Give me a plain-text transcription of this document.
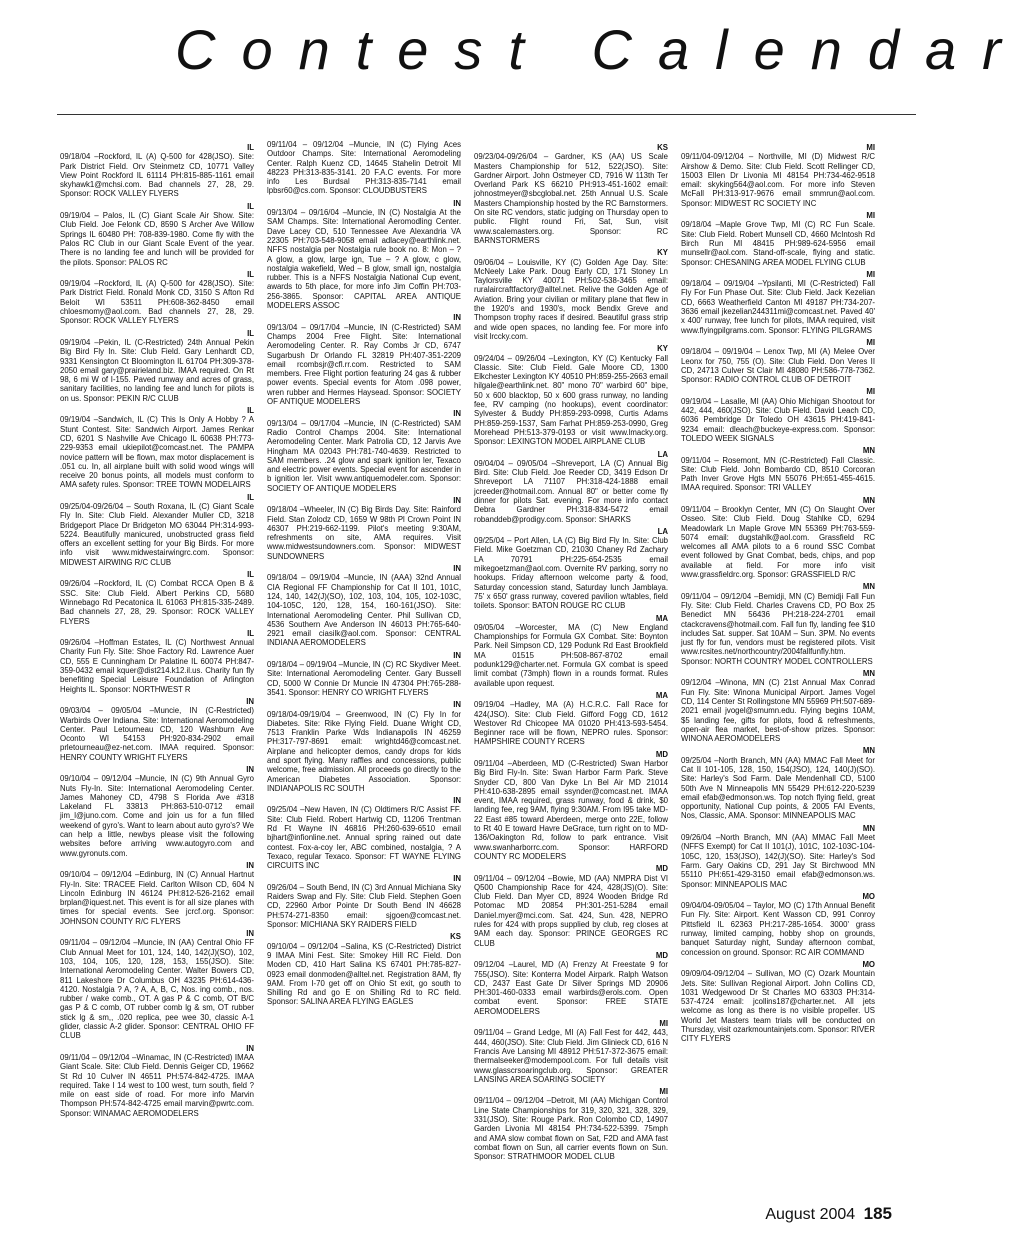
Contest Calendar
IL

09/18/04 –Rockford, IL (A) Q-500 for 428(JSO). Site: Park District Field. Orv Steinmetz CD, 10771 Valley View Point Rockford IL 61114 PH:815-885-1161 email skyhawk1@mchsi.com. Bad channels 27, 28, 29. Sponsor: ROCK VALLEY FLYERS

IL

09/19/04 – Palos, IL (C) Giant Scale Air Show. Site: Club Field. Joe Felonk CD, 8590 S Archer Ave Willow Springs IL 60480 PH: 708-839-1980. Come fly with the Palos RC Club in our Giant Scale Event of the year. There is no landing fee and lunch will be provided for the pilots. Sponsor: PALOS RC

IL

09/19/04 –Rockford, IL (A) Q-500 for 428(JSO). Site: Park District Field. Ronald Monk CD, 3150 S Afton Rd Beloit WI 53511 PH:608-362-8450 email chloesmomy@aol.com. Bad channels 27, 28, 29. Sponsor: ROCK VALLEY FLYERS

IL

09/19/04 –Pekin, IL (C-Restricted) 24th Annual Pekin Big Bird Fly In. Site: Club Field. Gary Lenhardt CD, 9331 Kensington Ct Bloomington IL 61704 PH:309-378-2050 email gary@prairieland.biz. IMAA required. On Rt 98, 6 mi W of I-155. Paved runway and acres of grass, sanitary facilities, no landing fee and lunch for pilots is on us. Sponsor: PEKIN R/C CLUB

IL

09/19/04 –Sandwich, IL (C) This Is Only A Hobby ? A Stunt Contest. Site: Sandwich Airport. James Renkar CD, 6201 S Nashville Ave Chicago IL 60638 PH:773-229-9353 email ukiepilot@comcast.net. The PAMPA novice pattern will be flown, max motor displacement is .051 cu. In, all airplane built with solid wood wings will receive 20 bonus points, all models must conform to AMA safety rules. Sponsor: TREE TOWN MODELAIRS

IL

09/25/04-09/26/04 – South Roxana, IL (C) Giant Scale Fly In. Site: Club Field. Alexander Muller CD, 3218 Bridgeport Place Dr Bridgeton MO 63044 PH:314-993-5224. Beautifully manicured, unobstructed grass field offers an excellent setting for your Big Birds. For more info visit www.midwestairwingrc.com. Sponsor: MIDWEST AIRWING R/C CLUB

IL

09/26/04 –Rockford, IL (C) Combat RCCA Open B & SSC. Site: Club Field. Albert Perkins CD, 5680 Winnebago Rd Pecatonica IL 61063 PH:815-335-2489. Bad channels 27, 28, 29. Sponsor: ROCK VALLEY FLYERS

IL

09/26/04 –Hoffman Estates, IL (C) Northwest Annual Charity Fun Fly. Site: Shoe Factory Rd. Lawrence Auer CD, 555 E Cunningham Dr Palatine IL 60074 PH:847-359-0432 email kquer@dist214.k12.il.us. Charity fun fly benefiting Special Leisure Foundation of Arlington Heights IL. Sponsor: NORTHWEST R

IN

09/03/04 – 09/05/04 –Muncie, IN (C-Restricted) Warbirds Over Indiana. Site: International Aeromodeling Center. Paul Letourneau CD, 120 Washburn Ave Oconto WI 54153 PH:920-834-2902 email prletourneau@ez-net.com. IMAA required. Sponsor: HENRY COUNTY WRIGHT FLYERS

IN

09/10/04 – 09/12/04 –Muncie, IN (C) 9th Annual Gyro Nuts Fly-In. Site: International Aeromodeling Center. James Mahoney CD, 4798 S Florida Ave #318 Lakeland FL 33813 PH:863-510-0712 email jim_l@juno.com. Come and join us for a fun filled weekend of gyro's. Want to learn about auto gyro's? We can help a little, newbys please visit the following websites before arriving www.autogyro.com and www.gyronuts.com.

IN

09/10/04 – 09/12/04 –Edinburg, IN (C) Annual Hartnut Fly-In. Site: TRACEE Field. Carlton Wilson CD, 604 N Lincoln Edinburg IN 46124 PH:812-526-2162 email brplan@iquest.net. This event is for all size planes with times for special events. See jcrcf.org. Sponsor: JOHNSON COUNTY R/C FLYERS

IN

09/11/04 – 09/12/04 –Muncie, IN (AA) Central Ohio FF Club Annual Meet for 101, 124, 140, 142(J)(SO), 102, 103, 104, 105, 120, 128, 153, 155(JSO). Site: International Aeromodeling Center. Walter Bowers CD, 811 Lakeshore Dr Columbus OH 43235 PH:614-436-4120. Nostalgia ? A, ? A, A, B, C, Nos. ing comb., nos. rubber / wake comb., OT. A gas P & C comb, OT B/C gas P & C comb, OT rubber comb lg & sm, OT rubber stick lg & sm,, .020 replica, pee wee 30, classic A-1 glider, classic A-2 glider. Sponsor: CENTRAL OHIO FF CLUB

IN

09/11/04 – 09/12/04 –Winamac, IN (C-Restricted) IMAA Giant Scale. Site: Club Field. Dennis Geiger CD, 19662 St Rd 10 Culver IN 46511 PH:574-842-4725. IMAA required. Take I 14 west to 100 west, turn south, field ? mile on east side of road. For more info Marvin Thompson PH:574-842-4725 email marvin@pwrtc.com. Sponsor: WINAMAC AEROMODELERS

09/11/04 – 09/12/04 –Muncie, IN (C) Flying Aces Outdoor Champs. Site: International Aeromodeling Center. Ralph Kuenz CD, 14645 Stahelin Detroit MI 48223 PH:313-835-3141. 20 F.A.C events. For more info Les Burdsal PH:313-835-7141 email lpbsr60@cs.com. Sponsor: CLOUDBUSTERS

IN

09/13/04 – 09/16/04 –Muncie, IN (C) Nostalgia At the SAM Champs. Site: International Aeromodling Center. Dave Lacey CD, 510 Tennessee Ave Alexandria VA 22305 PH:703-548-9058 email adlacey@earthlink.net. NFFS nostalgia per Nostalgia rule book no. 8: Mon – ? A glow, a glow, large ign, Tue – ? A glow, c glow, nostalgia wakefield, Wed – B glow, small ign, nostalgia rubber. This is a NFFS Nostalgia National Cup event, awards to 5th place, for more info Jim Coffin PH:703-256-3865. Sponsor: CAPITAL AREA ANTIQUE MODELERS ASSOC

IN

09/13/04 – 09/17/04 –Muncie, IN (C-Restricted) SAM Champs 2004 Free Flight. Site: International Aeromodeling Center. R. Ray Combs Jr CD, 6747 Sugarbush Dr Orlando FL 32819 PH:407-351-2209 email rcombsjr@cfl.rr.com. Restricted to SAM members. Free Flight portion featuring 24 gas & rubber power events. Special events for Atom .098 power, wren rubber and Hermes Haysead. Sponsor: SOCIETY OF ANTIQUE MODELERS

IN

09/13/04 – 09/17/04 –Muncie, IN (C-Restricted) SAM Radio Control Champs 2004. Site: International Aeromodeling Center. Mark Patrolia CD, 12 Jarvis Ave Hingham MA 02043 PH:781-740-4639. Restricted to SAM members. .24 glow and spark ignition ler, Texaco and electric power events. Special event for ascender in b ignition ler. Visit www.antiquemodeler.com. Sponsor: SOCIETY OF ANTIQUE MODELERS

IN

09/18/04 –Wheeler, IN (C) Big Birds Day. Site: Rainford Field. Stan Zolodz CD, 1659 W 98th Pl Crown Point IN 46307 PH:219-662-1199. Pilot's meeting 9:30AM, refreshments on site, AMA requires. Visit www.midwestsundowners.com. Sponsor: MIDWEST SUNDOWNERS

IN

09/18/04 – 09/19/04 –Muncie, IN (AAA) 32nd Annual CIA Regional FF Championship for Cat II 101, 101C, 124, 140, 142(J)(SO), 102, 103, 104, 105, 102-103C, 104-105C, 120, 128, 154, 160-161(JSO). Site: International Aeromodeling Center. Phil Sullivan CD, 4536 Southern Ave Anderson IN 46013 PH:765-640-2921 email ciasilk@aol.com. Sponsor: CENTRAL INDIANA AEROMODELERS

IN

09/18/04 – 09/19/04 –Muncie, IN (C) RC Skydiver Meet. Site: International Aeromodeling Center. Gary Bussell CD, 5000 W Connie Dr Muncie IN 47304 PH:765-288-3541. Sponsor: HENRY CO WRIGHT FLYERS

IN

09/18/04-09/19/04 – Greenwood, IN (C) Fly In for Diabetes. Site: Rike Flying Field. Duane Wright CD, 7513 Franklin Parke Wds Indianapolis IN 46259 PH:317-797-8691 email: wrightd46@comcast.net. Airplane and helicopter demos, candy drops for kids and sport flying. Many raffles and concessions, public welcome, free admission. All proceeds go directly to the American Diabetes Association. Sponsor: INDIANAPOLIS RC SOUTH

IN

09/25/04 –New Haven, IN (C) Oldtimers R/C Assist FF. Site: Club Field. Robert Hartwig CD, 11206 Trentman Rd Ft Wayne IN 46816 PH:260-639-6510 email bjhart@infionline.net. Annual spring rained out date contest. Fox-a-coy ler, ABC combined, nostalgia, ? A Texaco, regular Texaco. Sponsor: FT WAYNE FLYING CIRCUITS INC

IN

09/26/04 – South Bend, IN (C) 3rd Annual Michiana Sky Raiders Swap and Fly. Site: Club Field. Stephen Goen CD, 22960 Arbor Pointe Dr South Bend IN 46628 PH:574-271-8350 email: sjgoen@comcast.net. Sponsor: MICHIANA SKY RAIDERS FIELD

KS

09/10/04 – 09/12/04 –Salina, KS (C-Restricted) District 9 IMAA Mini Fest. Site: Smokey Hill RC Field. Don Moden CD, 410 Hart Salina KS 67401 PH:785-827-0923 email donmoden@alltel.net. Registration 8AM, fly 9AM. From I-70 get off on Ohio St exit, go south to Shilling Rd and go E on Shilling Rd to RC field. Sponsor: SALINA AREA FLYING EAGLES

KS

09/23/04-09/26/04 – Gardner, KS (AA) US Scale Masters Championship for 512, 522(JSO). Site: Gardner Airport. John Ostmeyer CD, 7916 W 113th Ter Overland Park KS 66210 PH:913-451-1602 email: johnostmeyer@sbcglobal.net. 25th Annual U.S. Scale Masters Championship hosted by the RC Barnstormers. On site RC vendors, static judging on Thursday open to public. Flight round Fri, Sat, Sun, visit www.scalemasters.org. Sponsor: RC BARNSTORMERS

KY

09/06/04 – Louisville, KY (C) Golden Age Day. Site: McNeely Lake Park. Doug Early CD, 171 Stoney Ln Taylorsville KY 40071 PH:502-538-3465 email: ruralaircraftfactory@alltel.net. Relive the Golden Age of Aviation. Bring your civilian or military plane that flew in the 1920's and 1930's, mock Bendix Greve and Thompson trophy races if desired. Beautiful grass strip and wide open spaces, no landing fee. For more info visit lrccky.com.

KY

09/24/04 – 09/26/04 –Lexington, KY (C) Kentucky Fall Classic. Site: Club Field. Gale Moore CD, 1300 Elkchester Lexington KY 40510 PH:859-255-2663 email hilgale@earthlink.net. 80" mono 70" warbird 60" bipe, 50 x 600 blacktop, 50 x 600 grass runway, no landing fee, RV camping (no hookups), event coordinator: Sylvester & Buddy PH:859-293-0998, Curtis Adams PH:859-259-1537, Sam Farhat PH:859-253-0990, Greg Morehead PH:513-379-0193 or visit www.lmacky.org. Sponsor: LEXINGTON MODEL AIRPLANE CLUB

LA

09/04/04 – 09/05/04 –Shreveport, LA (C) Annual Big Bird. Site: Club Field. Joe Reeder CD, 3419 Edson Dr Shreveport LA 71107 PH:318-424-1888 email jcreeder@hotmail.com. Annual 80" or better come fly dinner for pilots Sat. evening. For more info contact Debra Gardner PH:318-834-5472 email robanddeb@prodigy.com. Sponsor: SHARKS

LA

09/25/04 – Port Allen, LA (C) Big Bird Fly In. Site: Club Field. Mike Goetzman CD, 21030 Chaney Rd Zachary LA 70791 PH:225-654-2535 email mikegoetzman@aol.com. Overnite RV parking, sorry no hookups. Friday afternoon welcome party & food, Saturday concession stand, Saturday lunch Jamblaya. 75' x 650' grass runway, covered pavilion w/tables, field toilets. Sponsor: BATON ROUGE RC CLUB

MA

09/05/04 –Worcester, MA (C) New England Championships for Formula GX Combat. Site: Boynton Park. Neil Simpson CD, 129 Podunk Rd East Brookfield MA 01515 PH:508-867-8702 email podunk129@charter.net. Formula GX combat is speed limit combat (73mph) flown in a rounds format. Rules available upon request.

MA

09/19/04 –Hadley, MA (A) H.C.R.C. Fall Race for 424(JSO). Site: Club Field. Gifford Fogg CD, 1612 Westover Rd Chicopee MA 01020 PH:413-593-5454. Beginner race will be flown, NEPRO rules. Sponsor: HAMPSHIRE COUNTY RCERS

MD

09/11/04 –Aberdeen, MD (C-Restricted) Swan Harbor Big Bird Fly-In. Site: Swan Harbor Farm Park. Steve Snyder CD, 800 Van Dyke Ln Bel Air MD 21014 PH:410-638-2895 email ssynder@comcast.net. IMAA event, IMAA required, grass runway, food & drink, $0 landing fee, reg 9AM, flying 9:30AM. From I95 take MD-22 East #85 toward Aberdeen, merge onto 22E, follow to Rt 40 E toward Havre DeGrace, turn right on to MD-136/Oakington Rd, follow to park entrance. Visit www.swanharborrc.com. Sponsor: HARFORD COUNTY RC MODELERS

MD

09/11/04 – 09/12/04 –Bowie, MD (AA) NMPRA Dist VI Q500 Championship Race for 424, 428(JS)(O). Site: Club Field. Dan Myer CD, 8924 Wooden Bridge Rd Potomac MD 20854 PH:301-251-5284 email Daniel.myer@mci.com. Sat. 424, Sun. 428, NEPRO rules for 424 with props supplied by club, reg closes at 9AM each day. Sponsor: PRINCE GEORGES RC CLUB

MD

09/12/04 –Laurel, MD (A) Frenzy At Freestate 9 for 755(JSO). Site: Konterra Model Airpark. Ralph Watson CD, 2437 East Gate Dr Silver Springs MD 20906 PH:301-460-0333 email warbirds@erols.com. Open combat event. Sponsor: FREE STATE AEROMODELERS

MI

09/11/04 – Grand Ledge, MI (A) Fall Fest for 442, 443, 444, 460(JSO). Site: Club Field. Jim Glinieck CD, 616 N Francis Ave Lansing MI 48912 PH:517-372-3675 email: thermalseeker@modempool.com. For full details visit www.glasscrsoaringclub.org. Sponsor: GREATER LANSING AREA SOARING SOCIETY

MI

09/11/04 – 09/12/04 –Detroit, MI (AA) Michigan Control Line State Championships for 319, 320, 321, 328, 329, 331(JSO). Site: Rouge Park. Ron Colombo CD, 14907 Garden Livonia MI 48154 PH:734-522-5399. 75mph and AMA slow combat flown on Sat, F2D and AMA fast combat flown on Sun, all carrier events flown on Sun. Sponsor: STRATHMOOR MODEL CLUB

MI

09/11/04-09/12/04 – Northville, MI (D) Midwest R/C Airshow & Demo. Site: Club Field. Scott Rellinger CD, 15003 Ellen Dr Livonia MI 48154 PH:734-462-9518 email: skyking564@aol.com. For more info Steven McFall PH:313-917-9676 email smmrun@aol.com. Sponsor: MIDWEST RC SOCIETY INC

MI

09/18/04 –Maple Grove Twp, MI (C) RC Fun Scale. Site: Club Field. Robert Munsell CD, 4660 McIntosh Rd Birch Run MI 48415 PH:989-624-5956 email munsellr@aol.com. Stand-off-scale, flying and static. Sponsor: CHESANING AREA MODEL FLYING CLUB

MI

09/18/04 – 09/19/04 –Ypsilanti, MI (C-Restricted) Fall Fly For Fun Phase Out. Site: Club Field. Jack Kezelian CD, 6663 Weatherfield Canton MI 49187 PH:734-207-3636 email jkezelian244311mi@comcast.net. Paved 40' x 400' runway, free lunch for pilots, IMAA required, visit www.flyingpilgrams.com. Sponsor: FLYING PILGRAMS

MI

09/18/04 – 09/19/04 – Lenox Twp, MI (A) Melee Over Leonx for 750, 755 (O). Site: Club Field. Don Veres II CD, 24713 Culver St Clair MI 48080 PH:586-778-7362. Sponsor: RADIO CONTROL CLUB OF DETROIT

MI

09/19/04 – Lasalle, MI (AA) Ohio Michigan Shootout for 442, 444, 460(JSO). Site: Club Field. David Leach CD, 6036 Pembridge Dr Toledo OH 43615 PH:419-841-9234 email: dleach@buckeye-express.com. Sponsor: TOLEDO WEEK SIGNALS

MN

09/11/04 – Rosemont, MN (C-Restricted) Fall Classic. Site: Club Field. John Bombardo CD, 8510 Corcoran Path Inver Grove Hgts MN 55076 PH:651-455-4615. IMAA required. Sponsor: TRI VALLEY

MN

09/11/04 – Brooklyn Center, MN (C) On Slaught Over Osseo. Site: Club Field. Doug Stahlke CD, 6294 Meadowlark Ln Maple Grove MN 55369 PH:763-559-5074 email: dugstahlk@aol.com. Grassfield RC welcomes all AMA pilots to a 6 round SSC Combat event followed by Gnat Combat, beds, chips, and pop available at field. For more info visit www.grassfieldrc.org. Sponsor: GRASSFIELD R/C

MN

09/11/04 – 09/12/04 –Bemidji, MN (C) Bemidji Fall Fun Fly. Site: Club Field. Charles Cravens CD, PO Box 25 Benedict MN 56436 PH:218-224-2701 email ctackcravens@hotmail.com. Fall fun fly, landing fee $10 includes Sat. supper. Sat 10AM – Sun. 3PM. No events just fly for fun, vendors must be registered pilots. Visit www.rcsites.net/northcountry/2004fallfunfly.htm. Sponsor: NORTH COUNTRY MODEL CONTROLLERS

MN

09/12/04 –Winona, MN (C) 21st Annual Max Conrad Fun Fly. Site: Winona Municipal Airport. James Vogel CD, 114 Center St Rollingstone MN 55969 PH:507-689-2021 email jvogel@smumn.edu. Flying begins 10AM, $5 landing fee, gifts for pilots, food & refreshments, open-air flea market, best-of-show prizes. Sponsor: WINONA AEROMODELERS

MN

09/25/04 –North Branch, MN (AA) MMAC Fall Meet for Cat II 101-105, 128, 150, 154(JSO), 124, 140(J)(SO). Site: Harley's Sod Farm. Dale Mendenhall CD, 5100 50th Ave N Minneapolis MN 55429 PH:612-220-5239 email efab@edmonson.ws. Top notch flying field, great opportunity, National Cup points, & 2005 FAI Events, Nos, Classic, AMA. Sponsor: MINNEAPOLIS MAC

MN

09/26/04 –North Branch, MN (AA) MMAC Fall Meet (NFFS Exempt) for Cat II 101(J), 101C, 102-103C-104-105C, 120, 153(JSO), 142(J)(SO). Site: Harley's Sod Farm. Gary Oakins CD, 291 Jay St Birchwood MN 55110 PH:651-429-3150 email efab@edmonson.ws. Sponsor: MINNEAPOLIS MAC

MO

09/04/04-09/05/04 – Taylor, MO (C) 17th Annual Benefit Fun Fly. Site: Airport. Kent Wasson CD, 991 Conroy Pittsfield IL 62363 PH:217-285-1654. 3000' grass runway, limited camping, hobby shop on grounds, banquet Saturday night, Sunday afternoon combat, concession on ground. Sponsor: RC AIR COMMAND

MO

09/09/04-09/12/04 – Sullivan, MO (C) Ozark Mountain Jets. Site: Sullivan Regional Airport. John Collins CD, 1031 Wedgewood Dr St Charles MO 63303 PH:314-537-4724 email: jcollins187@charter.net. All jets welcome as long as there is no visible propeller. US World Jet Masters team trials will be conducted on Thursday, visit ozarkmountainjets.com. Sponsor: RIVER CITY FLYERS

August 2004 185
